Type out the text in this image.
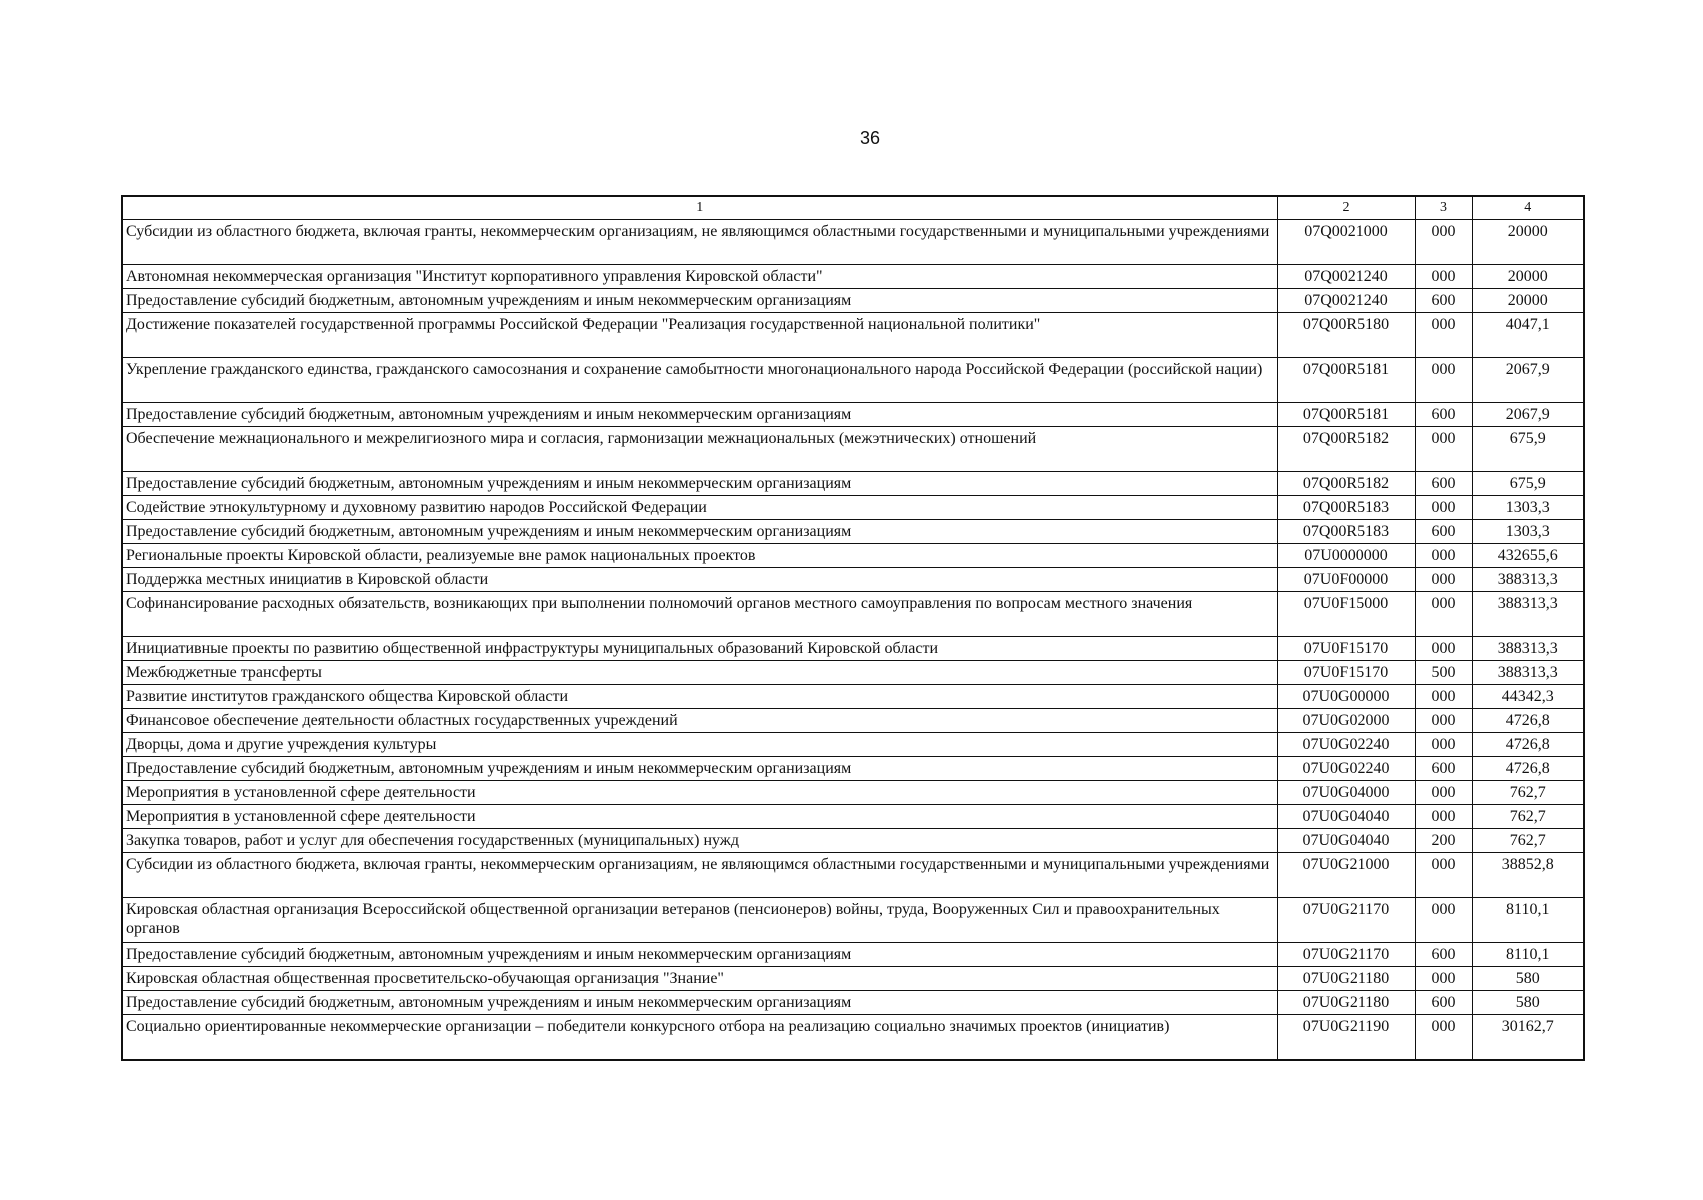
36
1	2	3	4
Субсидии из областного бюджета, включая гранты, некоммерческим организациям, не являющимся областными государственными и муниципальными учреждениями	07Q0021000	000	20000
Автономная некоммерческая организация "Институт корпоративного управления Кировской области"	07Q0021240	000	20000
Предоставление субсидий бюджетным, автономным учреждениям и иным некоммерческим организациям	07Q0021240	600	20000
Достижение показателей государственной программы Российской Федерации "Реализация государственной национальной политики"	07Q00R5180	000	4047,1
Укрепление гражданского единства, гражданского самосознания и сохранение самобытности многонационального народа Российской Федерации (российской нации)	07Q00R5181	000	2067,9
Предоставление субсидий бюджетным, автономным учреждениям и иным некоммерческим организациям	07Q00R5181	600	2067,9
Обеспечение межнационального и межрелигиозного мира и согласия, гармонизации межнациональных (межэтнических) отношений	07Q00R5182	000	675,9
Предоставление субсидий бюджетным, автономным учреждениям и иным некоммерческим организациям	07Q00R5182	600	675,9
Содействие этнокультурному и духовному развитию народов Российской Федерации	07Q00R5183	000	1303,3
Предоставление субсидий бюджетным, автономным учреждениям и иным некоммерческим организациям	07Q00R5183	600	1303,3
Региональные проекты Кировской области, реализуемые вне рамок национальных проектов	07U0000000	000	432655,6
Поддержка местных инициатив в Кировской области	07U0F00000	000	388313,3
Софинансирование расходных обязательств, возникающих при выполнении полномочий органов местного самоуправления по вопросам местного значения	07U0F15000	000	388313,3
Инициативные проекты по развитию общественной инфраструктуры муниципальных образований Кировской области	07U0F15170	000	388313,3
Межбюджетные трансферты	07U0F15170	500	388313,3
Развитие институтов гражданского общества Кировской области	07U0G00000	000	44342,3
Финансовое обеспечение деятельности областных государственных учреждений	07U0G02000	000	4726,8
Дворцы, дома и другие учреждения культуры	07U0G02240	000	4726,8
Предоставление субсидий бюджетным, автономным учреждениям и иным некоммерческим организациям	07U0G02240	600	4726,8
Мероприятия в установленной сфере деятельности	07U0G04000	000	762,7
Мероприятия в установленной сфере деятельности	07U0G04040	000	762,7
Закупка товаров, работ и услуг для обеспечения государственных (муниципальных) нужд	07U0G04040	200	762,7
Субсидии из областного бюджета, включая гранты, некоммерческим организациям, не являющимся областными государственными и муниципальными учреждениями	07U0G21000	000	38852,8
Кировская областная организация Всероссийской общественной организации ветеранов (пенсионеров) войны, труда, Вооруженных Сил и правоохранительных органов	07U0G21170	000	8110,1
Предоставление субсидий бюджетным, автономным учреждениям и иным некоммерческим организациям	07U0G21170	600	8110,1
Кировская областная общественная просветительско-обучающая организация "Знание"	07U0G21180	000	580
Предоставление субсидий бюджетным, автономным учреждениям и иным некоммерческим организациям	07U0G21180	600	580
Социально ориентированные некоммерческие организации – победители конкурсного отбора на реализацию социально значимых проектов (инициатив)	07U0G21190	000	30162,7
